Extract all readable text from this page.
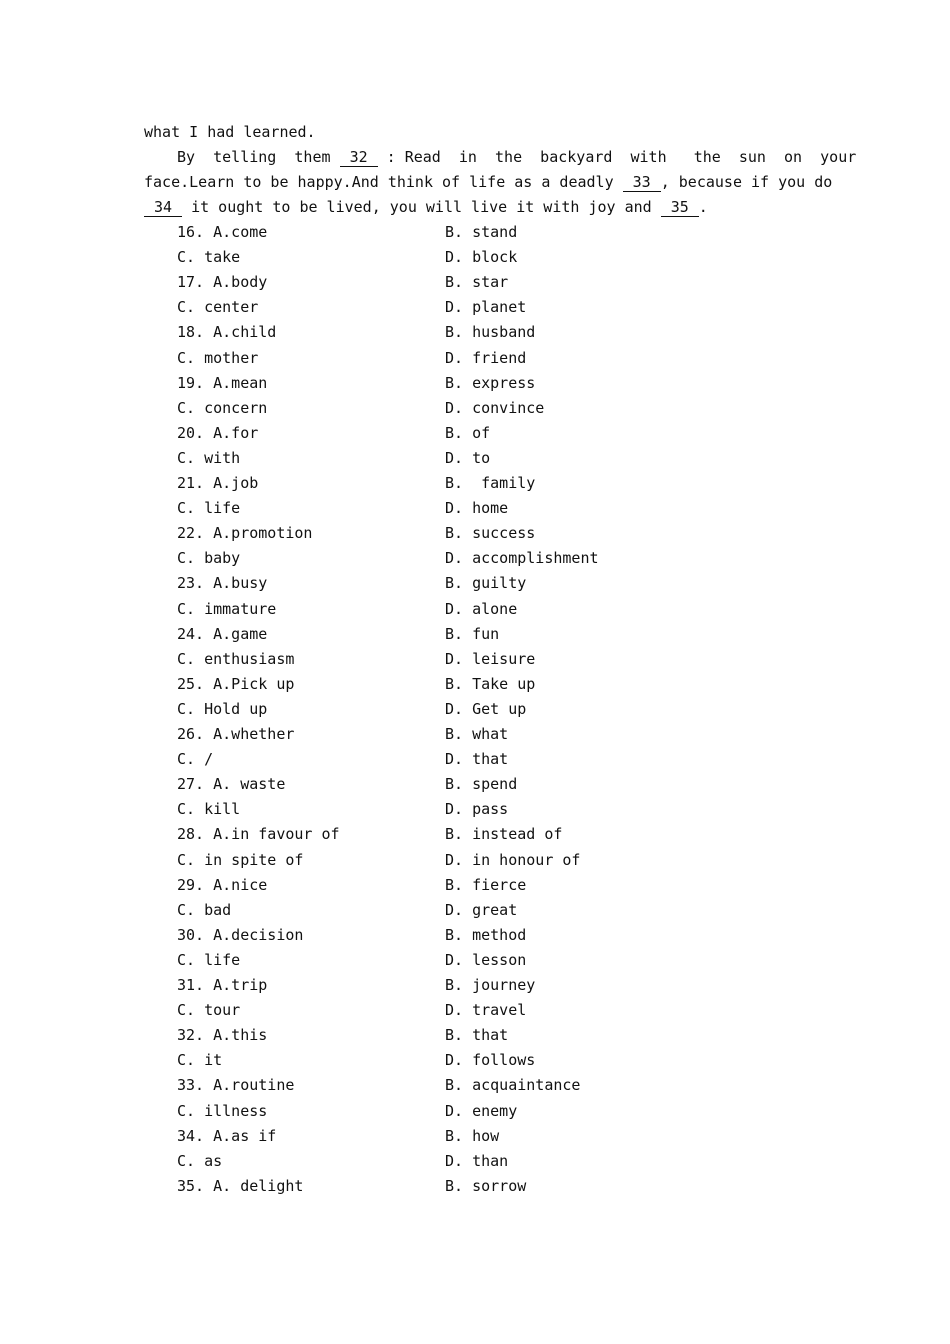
what I had learned.
By  telling  them 32 : Read  in  the  backyard  with   the  sun  on  your
face.Learn to be happy.And think of life as a deadly 33 , because if you do
34 it ought to be lived, you will live it with joy and 35 .
16. A.come	B. stand
C. take	D. block
17. A.body	B. star
C. center	D. planet
18. A.child	B. husband
C. mother	D. friend
19. A.mean	B. express
C. concern	D. convince
20. A.for	B. of
C. with	D. to
21. A.job	B.  family
C. life	D. home
22. A.promotion	B. success
C. baby	D. accomplishment
23. A.busy	B. guilty
C. immature	D. alone
24. A.game	B. fun
C. enthusiasm	D. leisure
25. A.Pick up	B. Take up
C. Hold up	D. Get up
26. A.whether	B. what
C. /	D. that
27. A. waste	B. spend
C. kill	D. pass
28. A.in favour of	B. instead of
C. in spite of	D. in honour of
29. A.nice	B. fierce
C. bad	D. great
30. A.decision	B. method
C. life	D. lesson
31. A.trip	B. journey
C. tour	D. travel
32. A.this	B. that
C. it	D. follows
33. A.routine	B. acquaintance
C. illness	D. enemy
34. A.as if	B. how
C. as	D. than
35. A. delight	B. sorrow
